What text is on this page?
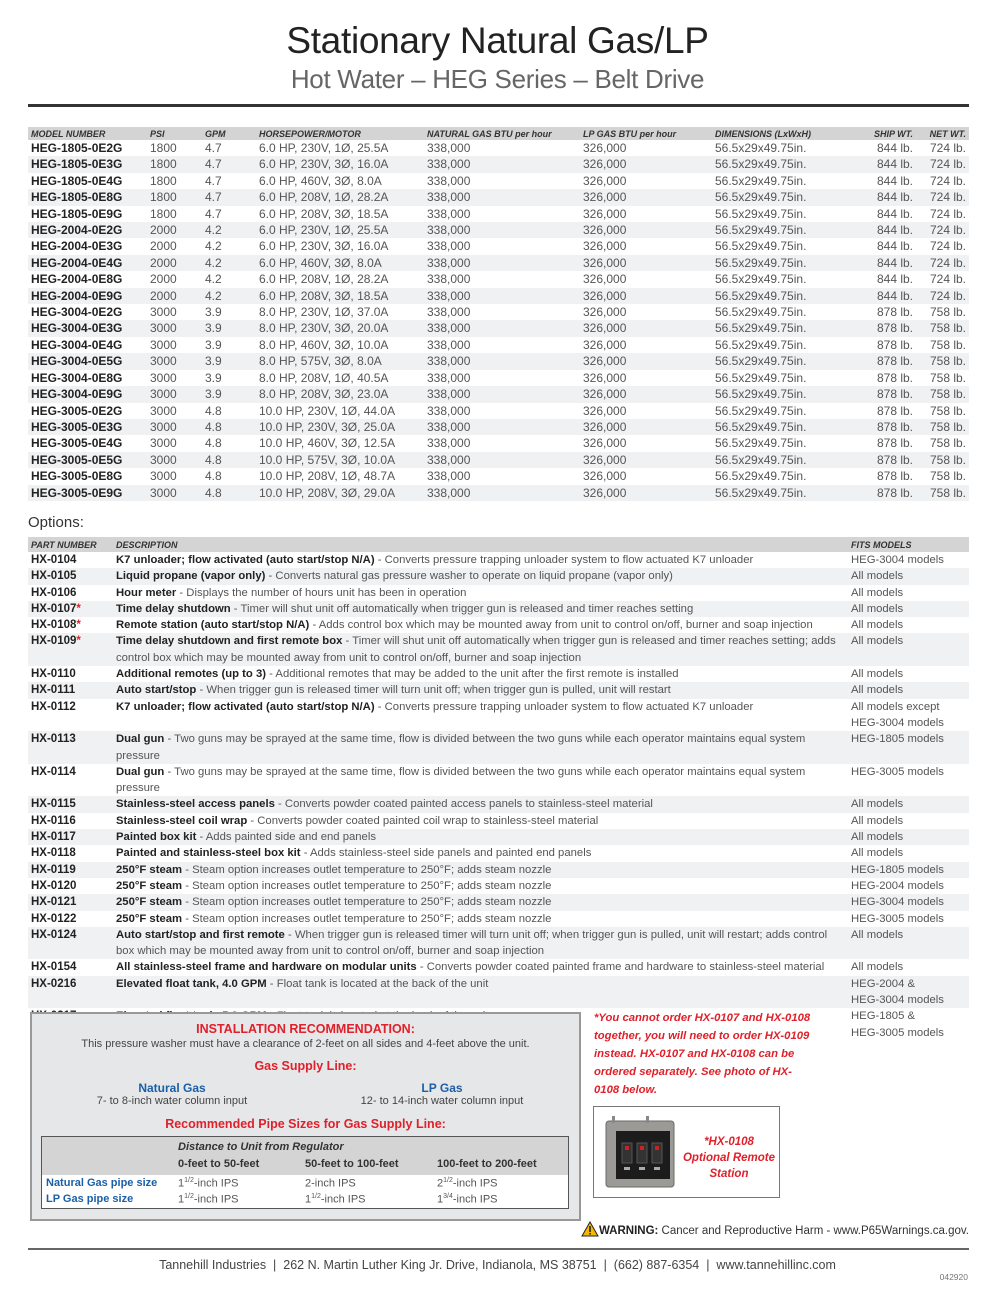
Stationary Natural Gas/LP
Hot Water – HEG Series – Belt Drive
MODEL NUMBER	PSI	GPM	HORSEPOWER/MOTOR	NATURAL GAS BTU per hour	LP GAS BTU per hour	DIMENSIONS (LxWxH)	SHIP WT.	NET WT.
HEG-1805-0E2G	1800	4.7	6.0 HP, 230V, 1Ø, 25.5A	338,000	326,000	56.5x29x49.75in.	844 lb.	724 lb.
HEG-1805-0E3G	1800	4.7	6.0 HP, 230V, 3Ø, 16.0A	338,000	326,000	56.5x29x49.75in.	844 lb.	724 lb.
HEG-1805-0E4G	1800	4.7	6.0 HP, 460V, 3Ø, 8.0A	338,000	326,000	56.5x29x49.75in.	844 lb.	724 lb.
HEG-1805-0E8G	1800	4.7	6.0 HP, 208V, 1Ø, 28.2A	338,000	326,000	56.5x29x49.75in.	844 lb.	724 lb.
HEG-1805-0E9G	1800	4.7	6.0 HP, 208V, 3Ø, 18.5A	338,000	326,000	56.5x29x49.75in.	844 lb.	724 lb.
HEG-2004-0E2G	2000	4.2	6.0 HP, 230V, 1Ø, 25.5A	338,000	326,000	56.5x29x49.75in.	844 lb.	724 lb.
HEG-2004-0E3G	2000	4.2	6.0 HP, 230V, 3Ø, 16.0A	338,000	326,000	56.5x29x49.75in.	844 lb.	724 lb.
HEG-2004-0E4G	2000	4.2	6.0 HP, 460V, 3Ø, 8.0A	338,000	326,000	56.5x29x49.75in.	844 lb.	724 lb.
HEG-2004-0E8G	2000	4.2	6.0 HP, 208V, 1Ø, 28.2A	338,000	326,000	56.5x29x49.75in.	844 lb.	724 lb.
HEG-2004-0E9G	2000	4.2	6.0 HP, 208V, 3Ø, 18.5A	338,000	326,000	56.5x29x49.75in.	844 lb.	724 lb.
HEG-3004-0E2G	3000	3.9	8.0 HP, 230V, 1Ø, 37.0A	338,000	326,000	56.5x29x49.75in.	878 lb.	758 lb.
HEG-3004-0E3G	3000	3.9	8.0 HP, 230V, 3Ø, 20.0A	338,000	326,000	56.5x29x49.75in.	878 lb.	758 lb.
HEG-3004-0E4G	3000	3.9	8.0 HP, 460V, 3Ø, 10.0A	338,000	326,000	56.5x29x49.75in.	878 lb.	758 lb.
HEG-3004-0E5G	3000	3.9	8.0 HP, 575V, 3Ø, 8.0A	338,000	326,000	56.5x29x49.75in.	878 lb.	758 lb.
HEG-3004-0E8G	3000	3.9	8.0 HP, 208V, 1Ø, 40.5A	338,000	326,000	56.5x29x49.75in.	878 lb.	758 lb.
HEG-3004-0E9G	3000	3.9	8.0 HP, 208V, 3Ø, 23.0A	338,000	326,000	56.5x29x49.75in.	878 lb.	758 lb.
HEG-3005-0E2G	3000	4.8	10.0 HP, 230V, 1Ø, 44.0A	338,000	326,000	56.5x29x49.75in.	878 lb.	758 lb.
HEG-3005-0E3G	3000	4.8	10.0 HP, 230V, 3Ø, 25.0A	338,000	326,000	56.5x29x49.75in.	878 lb.	758 lb.
HEG-3005-0E4G	3000	4.8	10.0 HP, 460V, 3Ø, 12.5A	338,000	326,000	56.5x29x49.75in.	878 lb.	758 lb.
HEG-3005-0E5G	3000	4.8	10.0 HP, 575V, 3Ø, 10.0A	338,000	326,000	56.5x29x49.75in.	878 lb.	758 lb.
HEG-3005-0E8G	3000	4.8	10.0 HP, 208V, 1Ø, 48.7A	338,000	326,000	56.5x29x49.75in.	878 lb.	758 lb.
HEG-3005-0E9G	3000	4.8	10.0 HP, 208V, 3Ø, 29.0A	338,000	326,000	56.5x29x49.75in.	878 lb.	758 lb.
Options:
PART NUMBER	DESCRIPTION	FITS MODELS
HX-0104	K7 unloader; flow activated (auto start/stop N/A) - Converts pressure trapping unloader system to flow actuated K7 unloader	HEG-3004 models

HX-0105	Liquid propane (vapor only) - Converts natural gas pressure washer to operate on liquid propane (vapor only)	All models

HX-0106	Hour meter - Displays the number of hours unit has been in operation	All models

HX-0107*	Time delay shutdown - Timer will shut unit off automatically when trigger gun is released and timer reaches setting	All models

HX-0108*	Remote station (auto start/stop N/A) - Adds control box which may be mounted away from unit to control on/off, burner and soap injection	All models

HX-0109*	Time delay shutdown and first remote box - Timer will shut unit off automatically when trigger gun is released and timer reaches setting; adds control box which may be mounted away from unit to control on/off, burner and soap injection	
All models

HX-0110	Additional remotes (up to 3) - Additional remotes that may be added to the unit after the first remote is installed	All models

HX-0111	Auto start/stop - When trigger gun is released timer will turn unit off; when trigger gun is pulled, unit will restart	All models

HX-0112	K7 unloader; flow activated (auto start/stop N/A) - Converts pressure trapping unloader system to flow actuated K7 unloader	All models except
HEG-3004 models

HX-0113	Dual gun - Two guns may be sprayed at the same time, flow is divided between the two guns while each operator maintains equal system pressure	
HEG-1805 models

HX-0114	Dual gun - Two guns may be sprayed at the same time, flow is divided between the two guns while each operator maintains equal system pressure	
HEG-3005 models

HX-0115	Stainless-steel access panels - Converts powder coated painted access panels to stainless-steel material	All models

HX-0116	Stainless-steel coil wrap - Converts powder coated painted coil wrap to stainless-steel material	All models

HX-0117	Painted box kit - Adds painted side and end panels	All models

HX-0118	Painted and stainless-steel box kit - Adds stainless-steel side panels and painted end panels	All models

HX-0119	250°F steam - Steam option increases outlet temperature to 250°F; adds steam nozzle	HEG-1805 models

HX-0120	250°F steam - Steam option increases outlet temperature to 250°F; adds steam nozzle	HEG-2004 models

HX-0121	250°F steam - Steam option increases outlet temperature to 250°F; adds steam nozzle	HEG-3004 models

HX-0122	250°F steam - Steam option increases outlet temperature to 250°F; adds steam nozzle	HEG-3005 models

HX-0124	Auto start/stop and first remote - When trigger gun is released timer will turn unit off; when trigger gun is pulled, unit will restart; adds control box which may be mounted away from unit to control on/off, burner and soap injection	
All models

HX-0154	All stainless-steel frame and hardware on modular units - Converts powder coated painted frame and hardware to stainless-steel material	All models

HX-0216	Elevated float tank, 4.0 GPM - Float tank is located at the back of the unit	HEG-2004 &
HEG-3004 models

HEG-1805 &
HEG-3005 models
INSTALLATION RECOMMENDATION:
This pressure washer must have a clearance of 2-feet on all sides and 4-feet above the unit.
Gas Supply Line:
Natural Gas
7- to 8-inch water column input
LP Gas
12- to 14-inch water column input
Recommended Pipe Sizes for Gas Supply Line:
Distance to Unit from Regulator
0-feet to 50-feet	50-feet to 100-feet	100-feet to 200-feet
Natural Gas pipe size $1^{1/2}$-inch IPS	2-inch IPS	$2^{1/2}$-inch IPS
LP Gas pipe size	$1^{1/2}$-inch IPS	$1^{1/2}$-inch IPS	$1^{3/4}$-inch IPS
*You cannot order HX-0107 and HX-0108 together, you will need to order HX-0109 instead. HX-0107 and HX-0108 can be ordered separately. See photo of HX-0108 below.
*HX-0108
Optional Remote
Station
WARNING: Cancer and Reproductive Harm - www.P65Warnings.ca.gov.
Tannehill Industries | 262 N. Martin Luther King Jr. Drive, Indianola, MS 38751 | (662) 887-6354 | www.tannehillinc.com
042920
